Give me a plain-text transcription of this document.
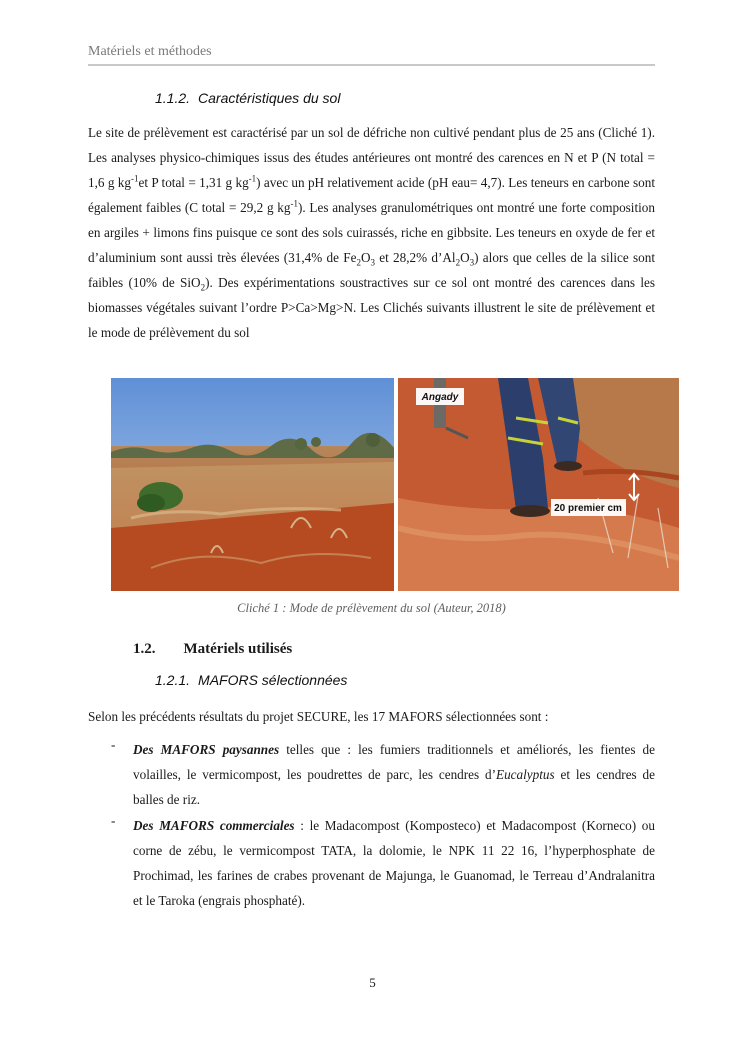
Matériels et méthodes
1.1.2. Caractéristiques du sol

Le site de prélèvement est caractérisé par un sol de défriche non cultivé pendant plus de 25 ans (Cliché 1). Les analyses physico-chimiques issus des études antérieures ont montré des carences en N et P (N total = 1,6 g $kg^{-1}et$ P total = 1,31 g $kg^{-1}$) avec un pH relativement acide (pH eau= 4,7). Les teneurs en carbone sont également faibles (C total = 29,2 g $kg^{-1}$). Les analyses granulométriques ont montré une forte composition en argiles + limons fins puisque ce sont des sols cuirassés, riche en gibbsite. Les teneurs en oxyde de fer et d’aluminium sont aussi très élevées (31,4% de $Fe_2O_3$ et 28,2% $d’Al_2O_3$) alors que celles de la silice sont faibles (10% de SiO$_2$). Des expérimentations soustractives sur ce sol ont montré des carences dans les biomasses végétales suivant l’ordre P>Ca>Mg>N. Les Clichés suivants illustrent le site de prélèvement et le mode de prélèvement du sol

Angady
20 premier cm
Cliché 1 : Mode de prélèvement du sol (Auteur, 2018)
1.2. Matériels utilisés
1.2.1. MAFORS sélectionnées

Selon les précédents résultats du projet SECURE, les 17 MAFORS sélectionnées sont :

- Des MAFORS paysannes telles que : les fumiers traditionnels et améliorés, les fientes de volailles, le vermicompost, les poudrettes de parc, les cendres d’Eucalyptus et les cendres de balles de riz.

- Des MAFORS commerciales : le Madacompost (Komposteco) et Madacompost (Korneco) ou corne de zébu, le vermicompost TATA, la dolomie, le NPK 11 22 16, l’hyperphosphate de Prochimad, les farines de crabes provenant de Majunga, le Guanomad, le Terreau d’Andralanitra et le Taroka (engrais phosphaté).

5
